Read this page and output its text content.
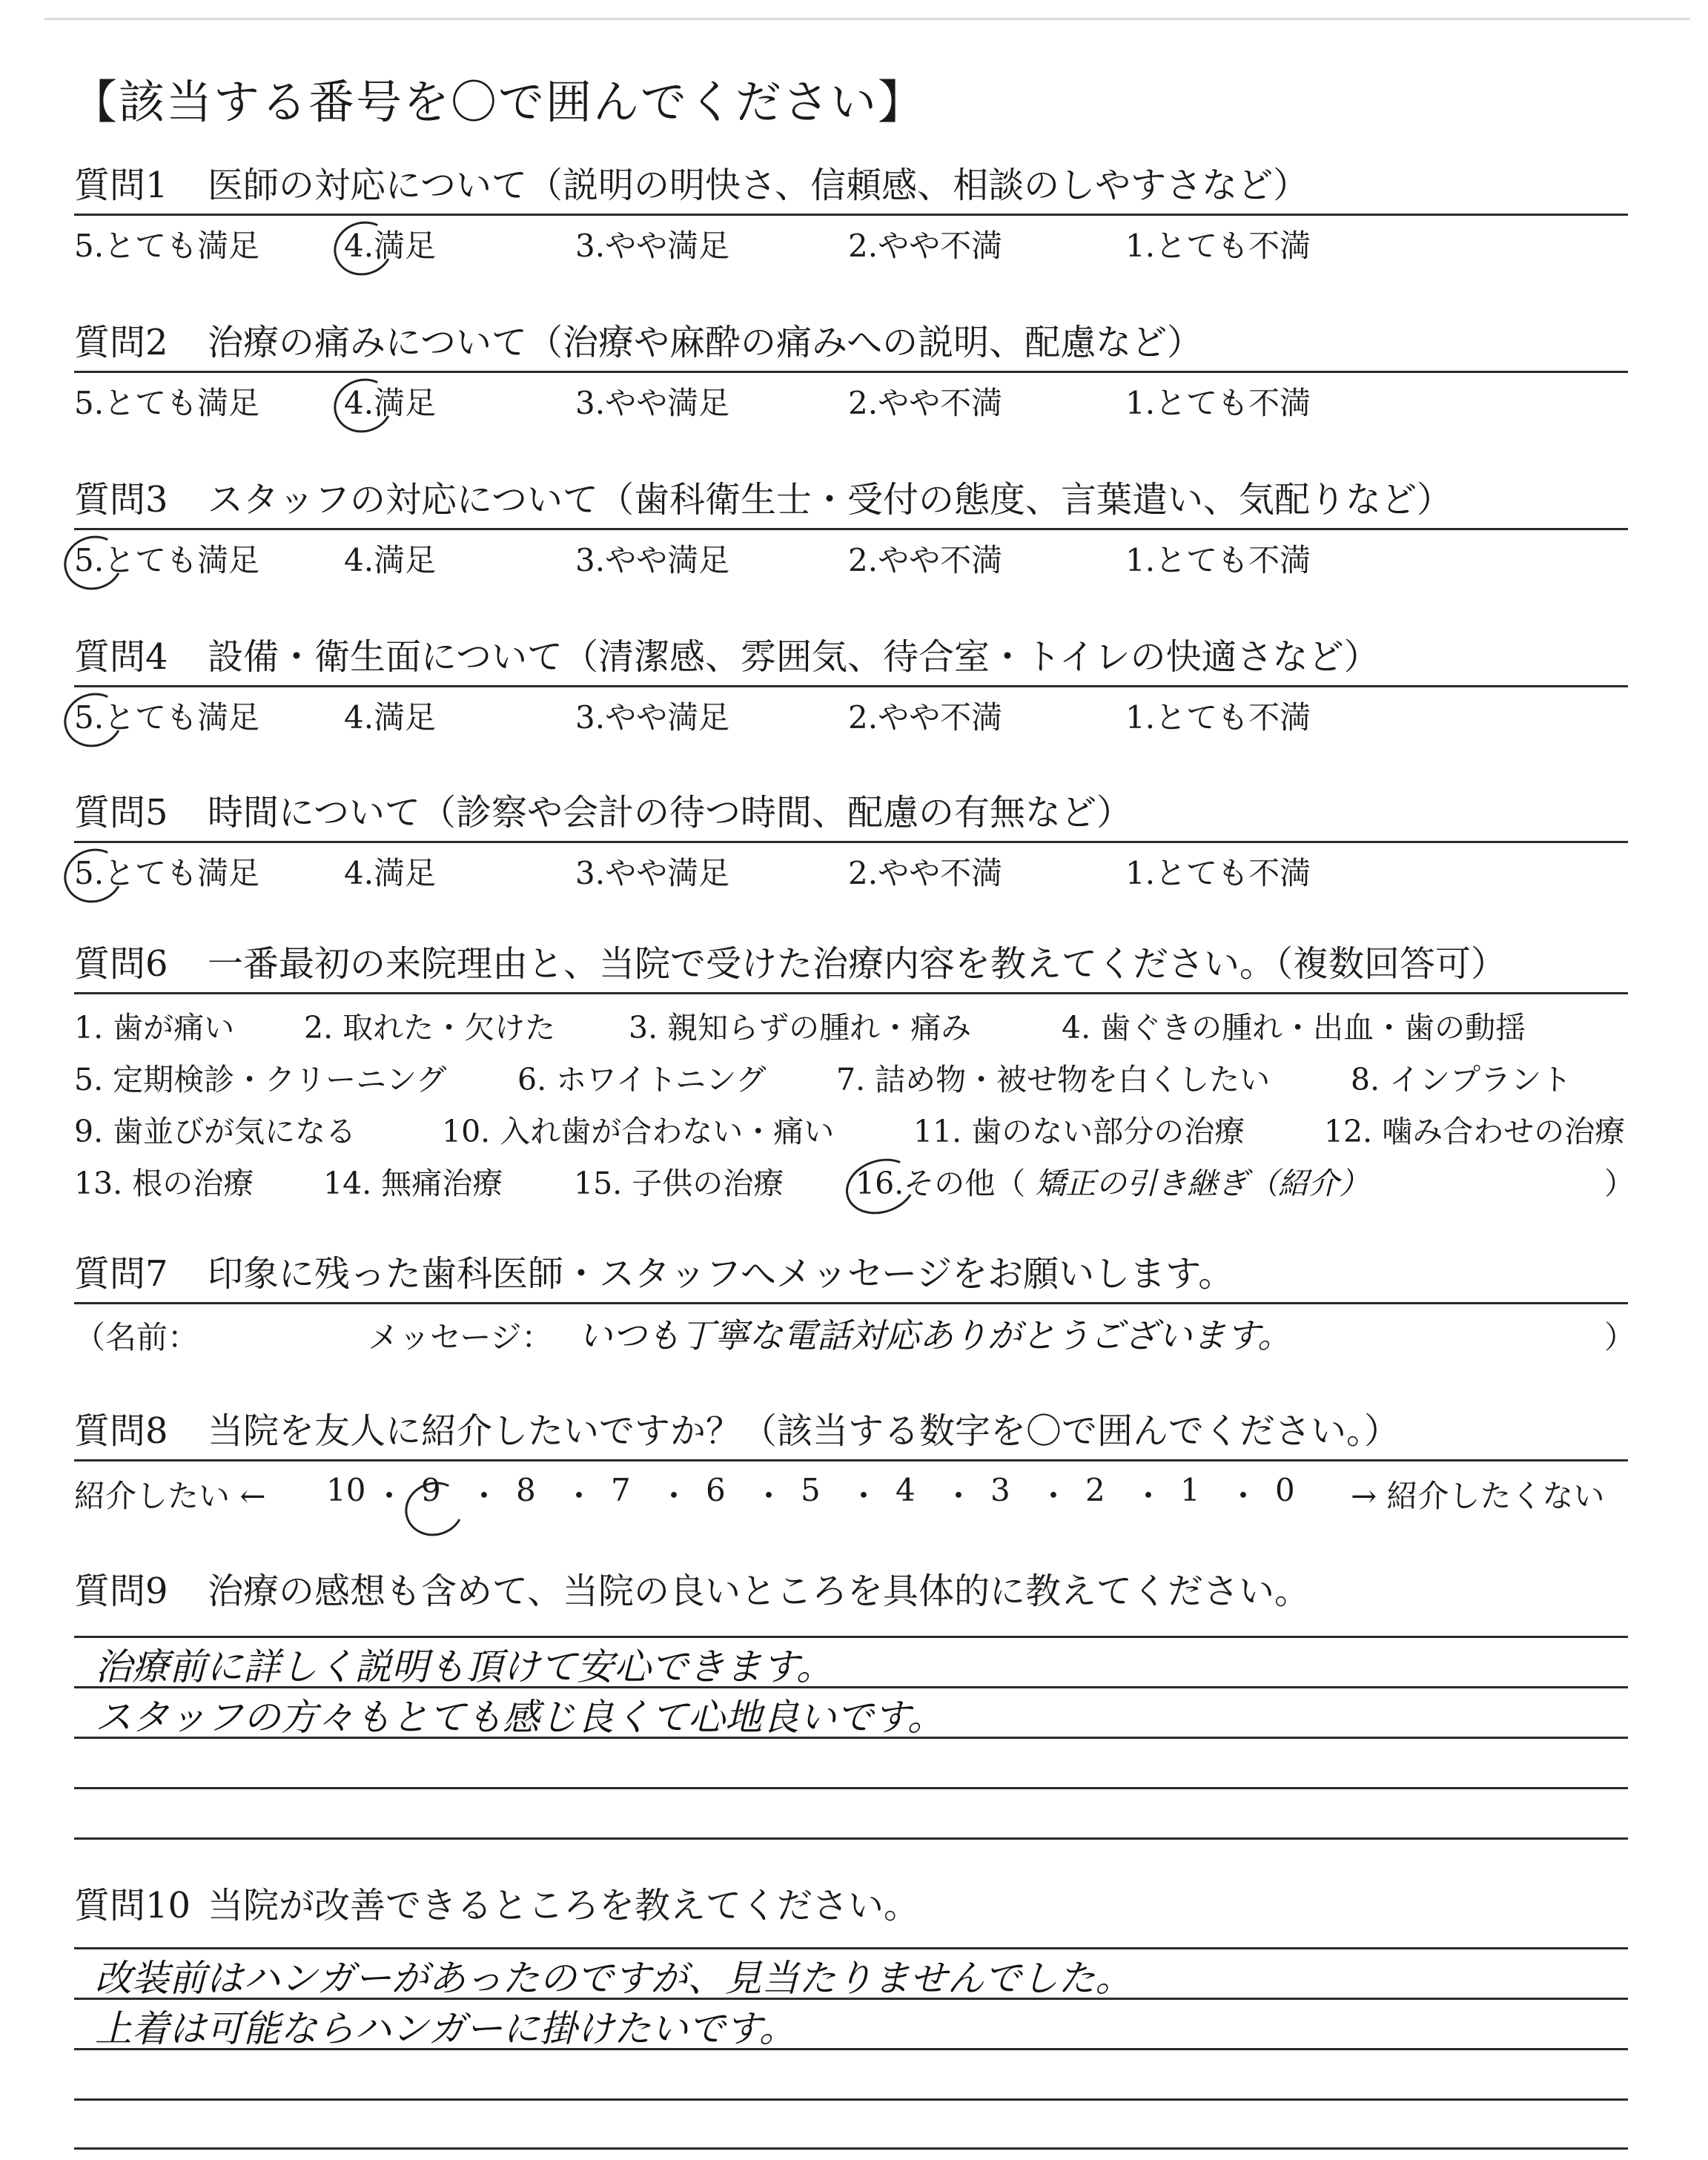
【該当する番号を〇で囲んでください】
質問1 医師の対応について（説明の明快さ、信頼感、相談のしやすさなど）
5.とても満足	4.
満足	3.やや満足	2.やや不満	1.とても不満
質問2 治療の痛みについて（治療や麻酔の痛みへの説明、配慮など）
5.とても満足	4.
満足	3.やや満足	2.やや不満	1.とても不満
質問3 スタッフの対応について（歯科衛生士・受付の態度、言葉遣い、気配りなど）
5.
とても満足	4.満足	3.やや満足	2.やや不満	1.とても不満
質問4 設備・衛生面について（清潔感、雰囲気、待合室・トイレの快適さなど）
5.
とても満足	4.満足	3.やや満足	2.やや不満	1.とても不満
質問5 時間について（診察や会計の待つ時間、配慮の有無など）
5.
とても満足	4.満足	3.やや満足	2.やや不満	1.とても不満
質問6 一番最初の来院理由と、当院で受けた治療内容を教えてください。（複数回答可）
1. 歯が痛い 2. 取れた・欠けた 3. 親知らずの腫れ・痛み	4. 歯ぐきの腫れ・出血・歯の動揺
5. 定期検診・クリーニング 6. ホワイトニング 7. 詰め物・被せ物を白くしたい	8. インプラント
9. 歯並びが気になる	10. 入れ歯が合わない・痛い	11. 歯のない部分の治療	12. 噛み合わせの治療
13. 根の治療 14. 無痛治療 15. 子供の治療 16.
その他（ 矯正の引き継ぎ（紹介）	）
質問7 印象に残った歯科医師・スタッフへメッセージをお願いします。
（名前：	メッセージ： いつも丁寧な電話対応ありがとうございます。	）
質問8 当院を友人に紹介したいですか？（該当する数字を〇で囲んでください。）
紹介したい ←	→ 紹介したくない
10 ・ 9 ・ 8 ・ 7 ・ 6 ・ 5 ・ 4 ・ 3 ・ 2 ・ 1 ・ 0
質問9 治療の感想も含めて、当院の良いところを具体的に教えてください。
治療前に詳しく説明も頂けて安心できます。
スタッフの方々もとても感じ良くて心地良いです。
質問10 当院が改善できるところを教えてください。
改装前はハンガーがあったのですが、見当たりませんでした。
上着は可能ならハンガーに掛けたいです。
